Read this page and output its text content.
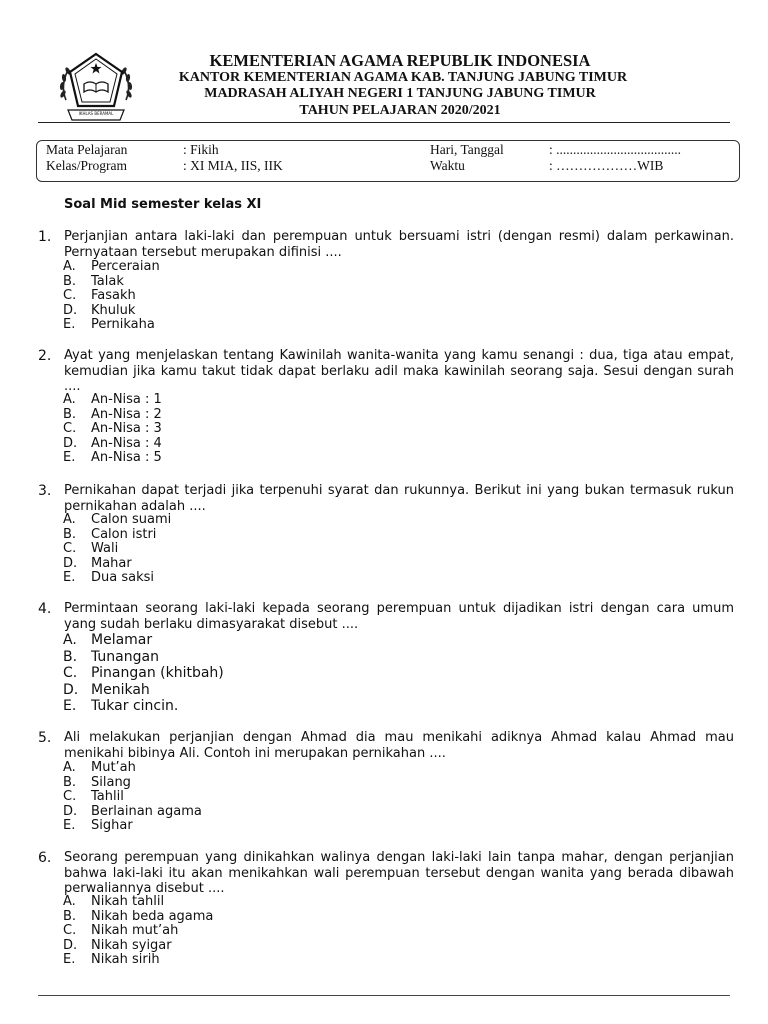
IKHLAS BERAMAL
KEMENTERIAN AGAMA REPUBLIK INDONESIA
KANTOR KEMENTERIAN AGAMA KAB. TANJUNG JABUNG TIMUR
MADRASAH ALIYAH NEGERI 1 TANJUNG JABUNG TIMUR
TAHUN PELAJARAN 2020/2021
Mata Pelajaran	: Fikih
Kelas/Program	: XI MIA, IIS, IIK
Hari, Tanggal	: .....................................
Waktu	: ………………WIB
Soal Mid semester kelas XI
1. Perjanjian antara laki-laki dan perempuan untuk bersuami istri (dengan resmi) dalam perkawinan. Pernyataan tersebut merupakan difinisi ....
A. Perceraian
B. Talak
C. Fasakh
D. Khuluk
E. Pernikaha
2. Ayat yang menjelaskan tentang Kawinilah wanita-wanita yang kamu senangi : dua, tiga atau empat, kemudian jika kamu takut tidak dapat berlaku adil maka kawinilah seorang saja. Sesui dengan surah ....
A. An-Nisa : 1
B. An-Nisa : 2
C. An-Nisa : 3
D. An-Nisa : 4
E. An-Nisa : 5
3. Pernikahan dapat terjadi jika terpenuhi syarat dan rukunnya. Berikut ini yang bukan termasuk rukun pernikahan adalah ....
A. Calon suami
B. Calon istri
C. Wali
D. Mahar
E. Dua saksi
4. Permintaan seorang laki-laki kepada seorang perempuan untuk dijadikan istri dengan cara umum yang sudah berlaku dimasyarakat disebut ....
A. Melamar
B. Tunangan
C. Pinangan (khitbah)
D. Menikah
E. Tukar cincin.
5. Ali melakukan perjanjian dengan Ahmad dia mau menikahi adiknya Ahmad kalau Ahmad mau menikahi bibinya Ali. Contoh ini merupakan pernikahan ....
A. Mut’ah
B. Silang
C. Tahlil
D. Berlainan agama
E. Sighar
6. Seorang perempuan yang dinikahkan walinya dengan laki-laki lain tanpa mahar, dengan perjanjian bahwa laki-laki itu akan menikahkan wali perempuan tersebut dengan wanita yang berada dibawah perwaliannya disebut ....
A. Nikah tahlil
B. Nikah beda agama
C. Nikah mut’ah
D. Nikah syigar
E. Nikah sirih
